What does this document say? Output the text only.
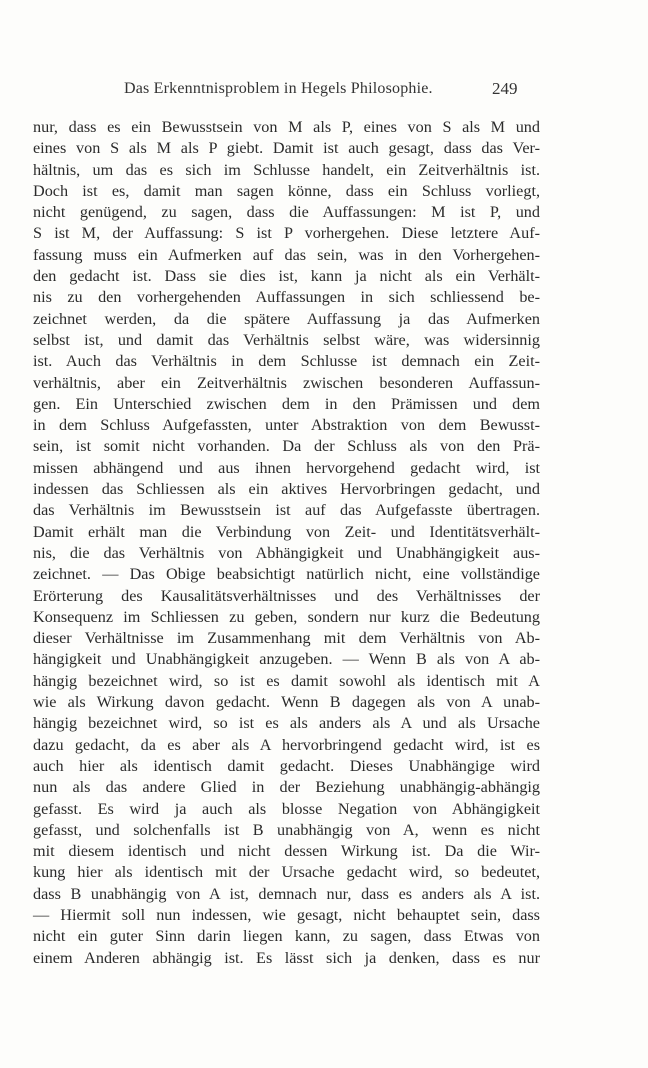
Das Erkenntnisproblem in Hegels Philosophie.	249
nur, dass es ein Bewusstsein von M als P, eines von S als M und
eines von S als M als P giebt. Damit ist auch gesagt, dass das Ver-
hältnis, um das es sich im Schlusse handelt, ein Zeitverhältnis ist.
Doch ist es, damit man sagen könne, dass ein Schluss vorliegt,
nicht genügend, zu sagen, dass die Auffassungen: M ist P, und
S ist M, der Auffassung: S ist P vorhergehen. Diese letztere Auf-
fassung muss ein Aufmerken auf das sein, was in den Vorhergehen-
den gedacht ist. Dass sie dies ist, kann ja nicht als ein Verhält-
nis zu den vorhergehenden Auffassungen in sich schliessend be-
zeichnet werden, da die spätere Auffassung ja das Aufmerken
selbst ist, und damit das Verhältnis selbst wäre, was widersinnig
ist. Auch das Verhältnis in dem Schlusse ist demnach ein Zeit-
verhältnis, aber ein Zeitverhältnis zwischen besonderen Auffassun-
gen. Ein Unterschied zwischen dem in den Prämissen und dem
in dem Schluss Aufgefassten, unter Abstraktion von dem Bewusst-
sein, ist somit nicht vorhanden. Da der Schluss als von den Prä-
missen abhängend und aus ihnen hervorgehend gedacht wird, ist
indessen das Schliessen als ein aktives Hervorbringen gedacht, und
das Verhältnis im Bewusstsein ist auf das Aufgefasste übertragen.
Damit erhält man die Verbindung von Zeit- und Identitätsverhält-
nis, die das Verhältnis von Abhängigkeit und Unabhängigkeit aus-
zeichnet. — Das Obige beabsichtigt natürlich nicht, eine vollständige
Erörterung des Kausalitätsverhältnisses und des Verhältnisses der
Konsequenz im Schliessen zu geben, sondern nur kurz die Bedeutung
dieser Verhältnisse im Zusammenhang mit dem Verhältnis von Ab-
hängigkeit und Unabhängigkeit anzugeben. — Wenn B als von A ab-
hängig bezeichnet wird, so ist es damit sowohl als identisch mit A
wie als Wirkung davon gedacht. Wenn B dagegen als von A unab-
hängig bezeichnet wird, so ist es als anders als A und als Ursache
dazu gedacht, da es aber als A hervorbringend gedacht wird, ist es
auch hier als identisch damit gedacht. Dieses Unabhängige wird
nun als das andere Glied in der Beziehung unabhängig-abhängig
gefasst. Es wird ja auch als blosse Negation von Abhängigkeit
gefasst, und solchenfalls ist B unabhängig von A, wenn es nicht
mit diesem identisch und nicht dessen Wirkung ist. Da die Wir-
kung hier als identisch mit der Ursache gedacht wird, so bedeutet,
dass B unabhängig von A ist, demnach nur, dass es anders als A ist.
— Hiermit soll nun indessen, wie gesagt, nicht behauptet sein, dass
nicht ein guter Sinn darin liegen kann, zu sagen, dass Etwas von
einem Anderen abhängig ist. Es lässt sich ja denken, dass es nur
